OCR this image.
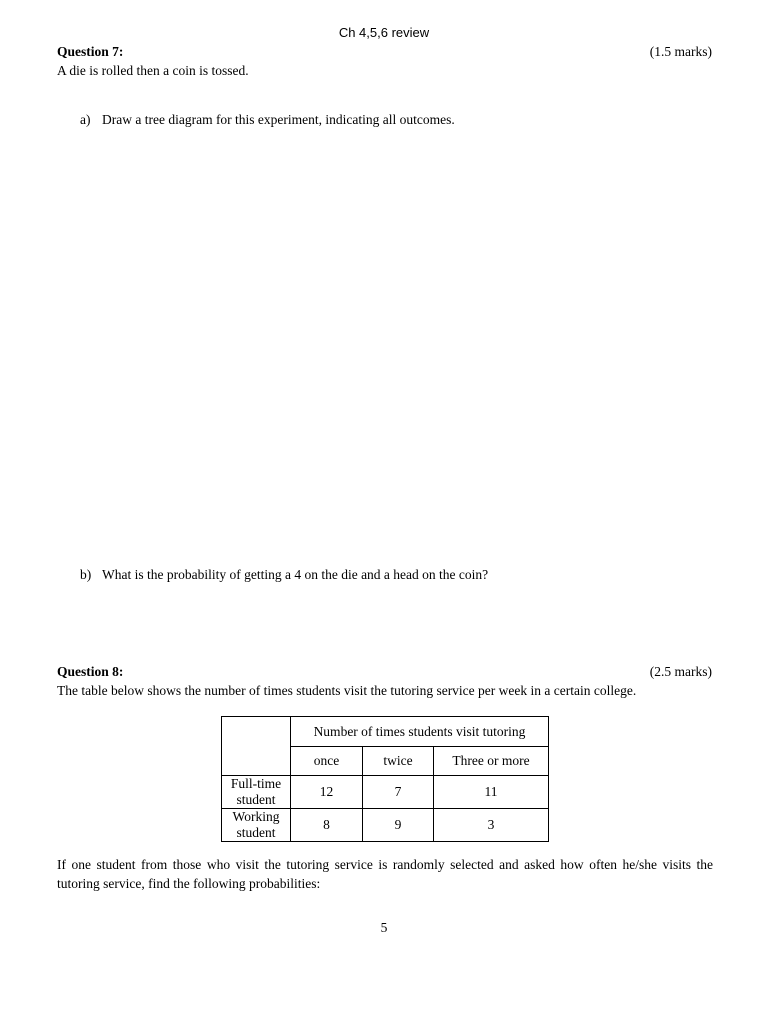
Ch 4,5,6 review
Question 7:	(1.5 marks)
A die is rolled then a coin is tossed.
a) Draw a tree diagram for this experiment, indicating all outcomes.
b) What is the probability of getting a 4 on the die and a head on the coin?
Question 8:	(2.5 marks)
The table below shows the number of times students visit the tutoring service per week in a certain college.
	Number of times students visit tutoring		
	once	twice	Three or more

Full-time
student	12	7	11

Working
student	8	9	3
If one student from those who visit the tutoring service is randomly selected and asked how often he/she visits the tutoring service, find the following probabilities:
5
